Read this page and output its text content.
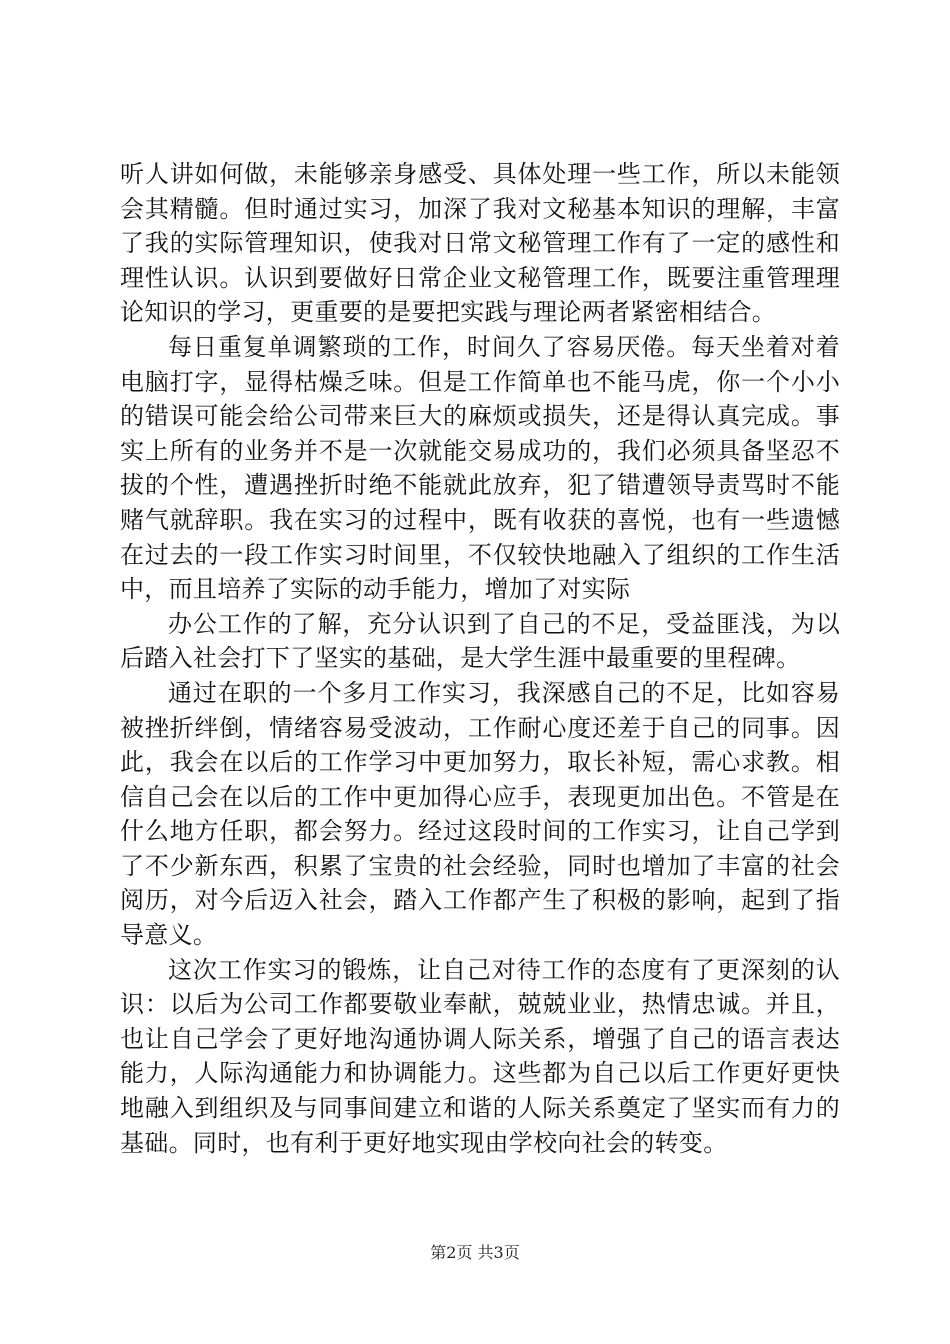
听人讲如何做，未能够亲身感受、具体处理一些工作，所以未能领会其精髓。但时通过实习，加深了我对文秘基本知识的理解，丰富了我的实际管理知识，使我对日常文秘管理工作有了一定的感性和理性认识。认识到要做好日常企业文秘管理工作，既要注重管理理论知识的学习，更重要的是要把实践与理论两者紧密相结合。

每日重复单调繁琐的工作，时间久了容易厌倦。每天坐着对着电脑打字，显得枯燥乏味。但是工作简单也不能马虎，你一个小小的错误可能会给公司带来巨大的麻烦或损失，还是得认真完成。事实上所有的业务并不是一次就能交易成功的，我们必须具备坚忍不拔的个性，遭遇挫折时绝不能就此放弃，犯了错遭领导责骂时不能赌气就辞职。我在实习的过程中，既有收获的喜悦，也有一些遗憾在过去的一段工作实习时间里，不仅较快地融入了组织的工作生活中，而且培养了实际的动手能力，增加了对实际

办公工作的了解，充分认识到了自己的不足，受益匪浅，为以后踏入社会打下了坚实的基础，是大学生涯中最重要的里程碑。

通过在职的一个多月工作实习，我深感自己的不足，比如容易被挫折绊倒，情绪容易受波动，工作耐心度还差于自己的同事。因此，我会在以后的工作学习中更加努力，取长补短，需心求教。相信自己会在以后的工作中更加得心应手，表现更加出色。不管是在什么地方任职，都会努力。经过这段时间的工作实习，让自己学到了不少新东西，积累了宝贵的社会经验，同时也增加了丰富的社会阅历，对今后迈入社会，踏入工作都产生了积极的影响，起到了指导意义。

这次工作实习的锻炼，让自己对待工作的态度有了更深刻的认识：以后为公司工作都要敬业奉献，兢兢业业，热情忠诚。并且，也让自己学会了更好地沟通协调人际关系，增强了自己的语言表达能力，人际沟通能力和协调能力。这些都为自己以后工作更好更快地融入到组织及与同事间建立和谐的人际关系奠定了坚实而有力的基础。同时，也有利于更好地实现由学校向社会的转变。

第2页 共3页
